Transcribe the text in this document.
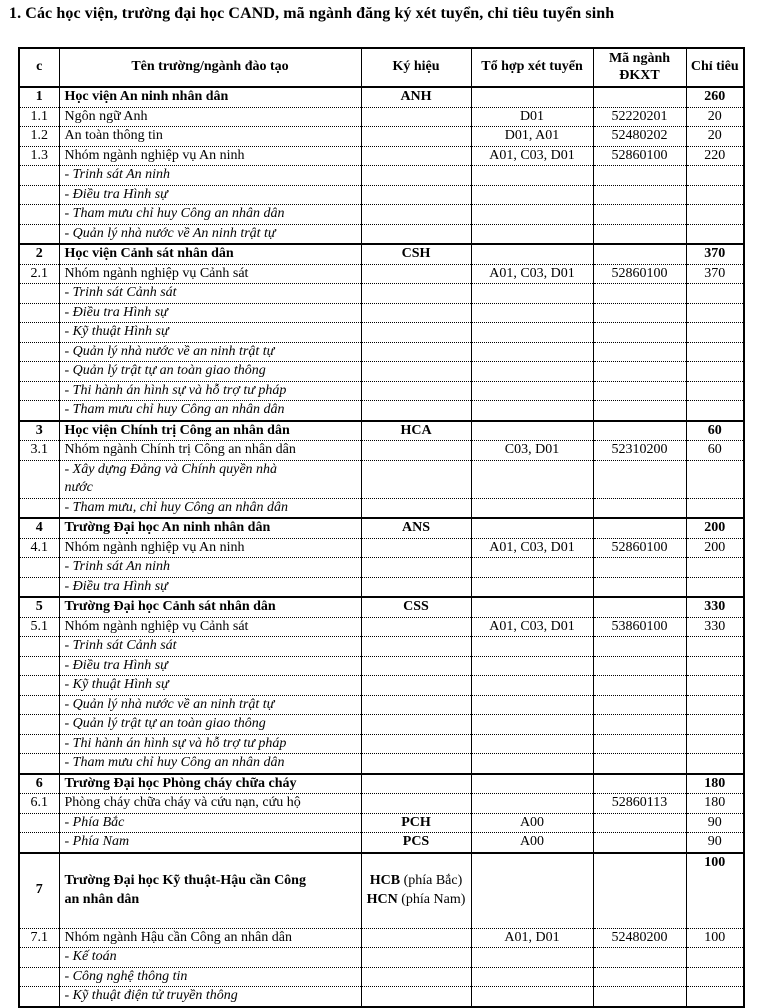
1. Các học viện, trường đại học CAND, mã ngành đăng ký xét tuyển, chỉ tiêu tuyển sinh
c	Tên trường/ngành đào tạo	Ký hiệu	Tổ hợp xét tuyển	Mã ngành ĐKXT	Chỉ tiêu
1	Học viện An ninh nhân dân	ANH			260
1.1	Ngôn ngữ Anh		D01	52220201	20
1.2	An toàn thông tin		D01, A01	52480202	20
1.3	Nhóm ngành nghiệp vụ An ninh		A01, C03, D01	52860100	220
	- Trinh sát An ninh				
	- Điều tra Hình sự				
	- Tham mưu chỉ huy Công an nhân dân				
	- Quản lý nhà nước về An ninh trật tự				
2	Học viện Cảnh sát nhân dân	CSH			370
2.1	Nhóm ngành nghiệp vụ Cảnh sát		A01, C03, D01	52860100	370
	- Trinh sát Cảnh sát				
	- Điều tra Hình sự				
	- Kỹ thuật Hình sự				
	- Quản lý nhà nước về an ninh trật tự				
	- Quản lý trật tự an toàn giao thông				
	- Thi hành án hình sự và hỗ trợ tư pháp				
	- Tham mưu chỉ huy Công an nhân dân				
3	Học viện Chính trị Công an nhân dân	HCA			60
3.1	Nhóm ngành Chính trị Công an nhân dân		C03, D01	52310200	60

	- Xây dựng Đảng và Chính quyền nhà
nước				

	- Tham mưu, chỉ huy Công an nhân dân				
4	Trường Đại học An ninh nhân dân	ANS			200
4.1	Nhóm ngành nghiệp vụ An ninh		A01, C03, D01	52860100	200
	- Trinh sát An ninh				
	- Điều tra Hình sự				
5	Trường Đại học Cảnh sát nhân dân	CSS			330
5.1	Nhóm ngành nghiệp vụ Cảnh sát		A01, C03, D01	53860100	330
	- Trinh sát Cảnh sát				
	- Điều tra Hình sự				
	- Kỹ thuật Hình sự				
	- Quản lý nhà nước về an ninh trật tự				
	- Quản lý trật tự an toàn giao thông				
	- Thi hành án hình sự và hỗ trợ tư pháp				
	- Tham mưu chỉ huy Công an nhân dân				
6	Trường Đại học Phòng cháy chữa cháy				180
6.1	Phòng cháy chữa cháy và cứu nạn, cứu hộ			52860113	180
	- Phía Bắc	PCH	A00		90
	- Phía Nam	PCS	A00		90
7	Trường Đại học Kỹ thuật-Hậu cần Công
an nhân dân	HCB (phía Bắc)
HCN (phía Nam)			100
7.1	Nhóm ngành Hậu cần Công an nhân dân		A01, D01	52480200	100
	- Kế toán				
	- Công nghệ thông tin				
	- Kỹ thuật điện tử truyền thông				
